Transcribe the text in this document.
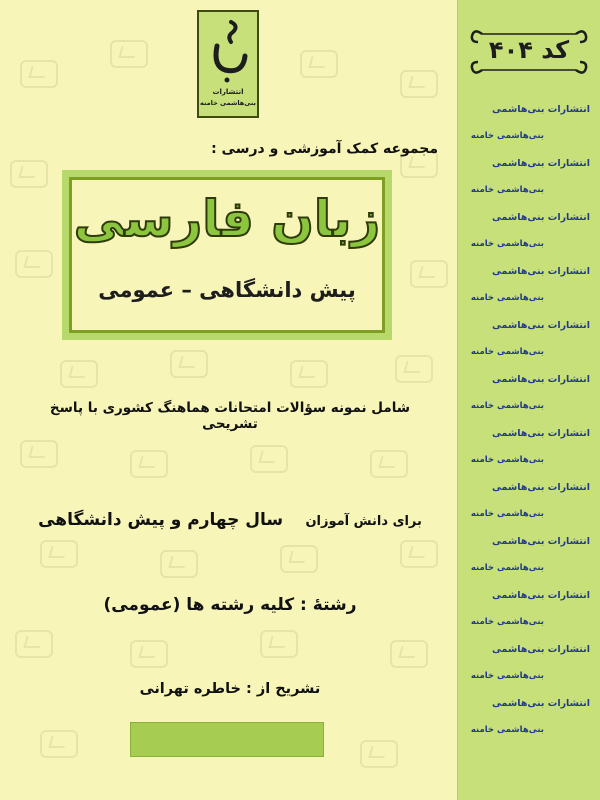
کد ۴۰۴
انتشارات بنی‌هاشمی
بنی‌هاشمی خامنه
انتشارات بنی‌هاشمی
بنی‌هاشمی خامنه
انتشارات بنی‌هاشمی
بنی‌هاشمی خامنه
انتشارات بنی‌هاشمی
بنی‌هاشمی خامنه
انتشارات بنی‌هاشمی
بنی‌هاشمی خامنه
انتشارات بنی‌هاشمی
بنی‌هاشمی خامنه
انتشارات بنی‌هاشمی
بنی‌هاشمی خامنه
انتشارات بنی‌هاشمی
بنی‌هاشمی خامنه
انتشارات بنی‌هاشمی
بنی‌هاشمی خامنه
انتشارات بنی‌هاشمی
بنی‌هاشمی خامنه
انتشارات بنی‌هاشمی
بنی‌هاشمی خامنه
انتشارات بنی‌هاشمی
بنی‌هاشمی خامنه
انتشارات
بنی‌هاشمی خامنه
مجموعه کمک آموزشی و درسی :
زبان فارسی
پیش دانشگاهی – عمومی
شامل نمونه سؤالات امتحانات هماهنگ کشوری با پاسخ تشریحی
برای دانش آموزان    سال چهارم و پیش دانشگاهی
رشتهٔ : کلیه رشته ها (عمومی)
تشریح از : خاطره تهرانی
